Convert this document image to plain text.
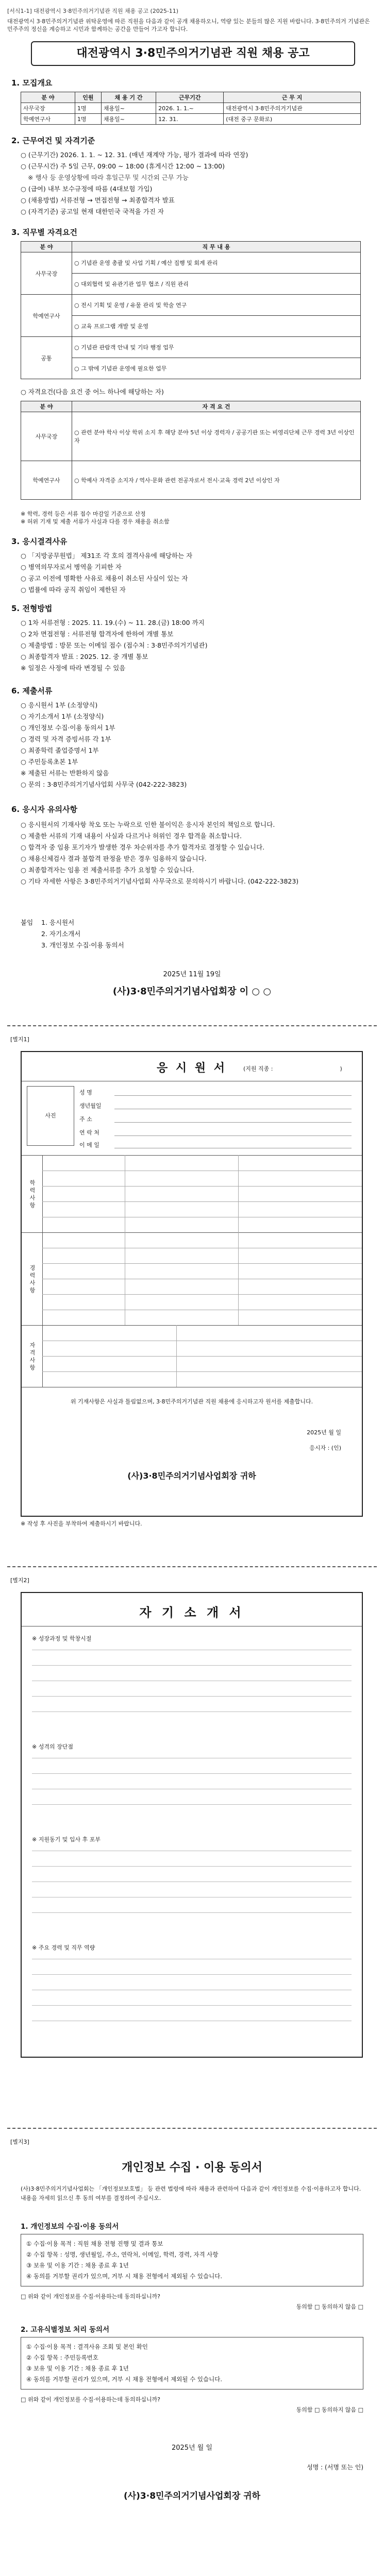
[서식1-1] 대전광역시 3·8민주의거기념관 직원 채용 공고 (2025-11)
대전광역시 3·8민주의거기념관 위탁운영에 따른 직원을 다음과 같이 공개 채용하오니, 역량 있는 분들의 많은 지원 바랍니다. 3·8민주의거 기념관은 민주주의 정신을 계승하고 시민과 함께하는 공간을 만들어 가고자 합니다.
대전광역시 3·8민주의거기념관 직원 채용 공고
1. 모집개요
분 야	인원	채 용 기 간	근무기간	근 무 지
사무국장	1명	채용일~	2026. 1. 1.~	대전광역시 3·8민주의거기념관
학예연구사	1명	채용일~	12. 31.	(대전 중구 문화로)
2. 근무여건 및 자격기준
○ (근무기간) 2026. 1. 1. ~ 12. 31. (매년 재계약 가능, 평가 결과에 따라 연장)
○ (근무시간) 주 5일 근무, 09:00 ~ 18:00 (휴게시간 12:00 ~ 13:00)
※ 행사 등 운영상황에 따라 휴일근무 및 시간외 근무 가능
○ (급여) 내부 보수규정에 따름 (4대보험 가입)
○ (채용방법) 서류전형 → 면접전형 → 최종합격자 발표
○ (자격기준) 공고일 현재 대한민국 국적을 가진 자
3. 직무별 자격요건
분 야	직 무 내 용
사무국장	○ 기념관 운영 총괄 및 사업 기획 / 예산 집행 및 회계 관리
	○ 대외협력 및 유관기관 업무 협조 / 직원 관리
학예연구사	○ 전시 기획 및 운영 / 유물 관리 및 학술 연구
	○ 교육 프로그램 개발 및 운영
공통	○ 기념관 관람객 안내 및 기타 행정 업무
	○ 그 밖에 기념관 운영에 필요한 업무
○ 자격요건(다음 요건 중 어느 하나에 해당하는 자)
분 야	자 격 요 건
사무국장	○ 관련 분야 학사 이상 학위 소지 후 해당 분야 5년 이상 경력자 / 공공기관 또는 비영리단체 근무 경력 3년 이상인 자
학예연구사	○ 학예사 자격증 소지자 / 역사·문화 관련 전공자로서 전시·교육 경력 2년 이상인 자
※ 학력, 경력 등은 서류 접수 마감일 기준으로 산정
※ 허위 기재 및 제출 서류가 사실과 다를 경우 채용을 취소함
3. 응시결격사유
○ 「지방공무원법」 제31조 각 호의 결격사유에 해당하는 자
○ 병역의무자로서 병역을 기피한 자
○ 공고 이전에 명확한 사유로 채용이 취소된 사실이 있는 자
○ 법률에 따라 공직 취임이 제한된 자
5. 전형방법
○ 1차 서류전형 : 2025. 11. 19.(수) ~ 11. 28.(금) 18:00 까지
○ 2차 면접전형 : 서류전형 합격자에 한하여 개별 통보
○ 제출방법 : 방문 또는 이메일 접수 (접수처 : 3·8민주의거기념관)
○ 최종합격자 발표 : 2025. 12. 중 개별 통보
※ 일정은 사정에 따라 변경될 수 있음
6. 제출서류
○ 응시원서 1부 (소정양식)
○ 자기소개서 1부 (소정양식)
○ 개인정보 수집·이용 동의서 1부
○ 경력 및 자격 증빙서류 각 1부
○ 최종학력 졸업증명서 1부
○ 주민등록초본 1부
※ 제출된 서류는 반환하지 않음
○ 문의 : 3·8민주의거기념사업회 사무국 (042-222-3823)
6. 응시자 유의사항
○ 응시원서의 기재사항 착오 또는 누락으로 인한 불이익은 응시자 본인의 책임으로 합니다.
○ 제출한 서류의 기재 내용이 사실과 다르거나 허위인 경우 합격을 취소합니다.
○ 합격자 중 임용 포기자가 발생한 경우 차순위자를 추가 합격자로 결정할 수 있습니다.
○ 채용신체검사 결과 불합격 판정을 받은 경우 임용하지 않습니다.
○ 최종합격자는 임용 전 제출서류를 추가 요청할 수 있습니다.
○ 기타 자세한 사항은 3·8민주의거기념사업회 사무국으로 문의하시기 바랍니다. (042-222-3823)
붙임 1. 응시원서
2. 자기소개서
3. 개인정보 수집·이용 동의서
2025년 11월 19일
(사)3·8민주의거기념사업회장 이 ○ ○
[별지1]
응 시 원 서	(지원 직종 :	)
사진
성 명
생년월일
주 소
연 락 처
이 메 일
학 력 사 항
경 력 사 항
자 격 사 항
위 기재사항은 사실과 틀림없으며, 3·8민주의거기념관 직원 채용에 응시하고자 원서를 제출합니다.
2025년 월 일
응시자 : (인)
(사)3·8민주의거기념사업회장 귀하
※ 작성 후 사진을 부착하여 제출하시기 바랍니다.
[별지2]
자 기 소 개 서
※ 성장과정 및 학창시절
※ 성격의 장단점
※ 지원동기 및 입사 후 포부
※ 주요 경력 및 직무 역량
[별지3]
개인정보 수집 · 이용 동의서
(사)3·8민주의거기념사업회는 「개인정보보호법」 등 관련 법령에 따라 채용과 관련하여 다음과 같이 개인정보를 수집·이용하고자 합니다. 내용을 자세히 읽으신 후 동의 여부를 결정하여 주십시오.
1. 개인정보의 수집·이용 동의서
① 수집·이용 목적 : 직원 채용 전형 진행 및 결과 통보
② 수집 항목 : 성명, 생년월일, 주소, 연락처, 이메일, 학력, 경력, 자격 사항
③ 보유 및 이용 기간 : 채용 종료 후 1년
④ 동의를 거부할 권리가 있으며, 거부 시 채용 전형에서 제외될 수 있습니다.
□ 위와 같이 개인정보를 수집·이용하는데 동의하십니까?
동의함 □ 동의하지 않음 □
2. 고유식별정보 처리 동의서
① 수집·이용 목적 : 결격사유 조회 및 본인 확인
② 수집 항목 : 주민등록번호
③ 보유 및 이용 기간 : 채용 종료 후 1년
④ 동의를 거부할 권리가 있으며, 거부 시 채용 전형에서 제외될 수 있습니다.
□ 위와 같이 개인정보를 수집·이용하는데 동의하십니까?
동의함 □ 동의하지 않음 □
2025년 월 일
성명 : (서명 또는 인)
(사)3·8민주의거기념사업회장 귀하
